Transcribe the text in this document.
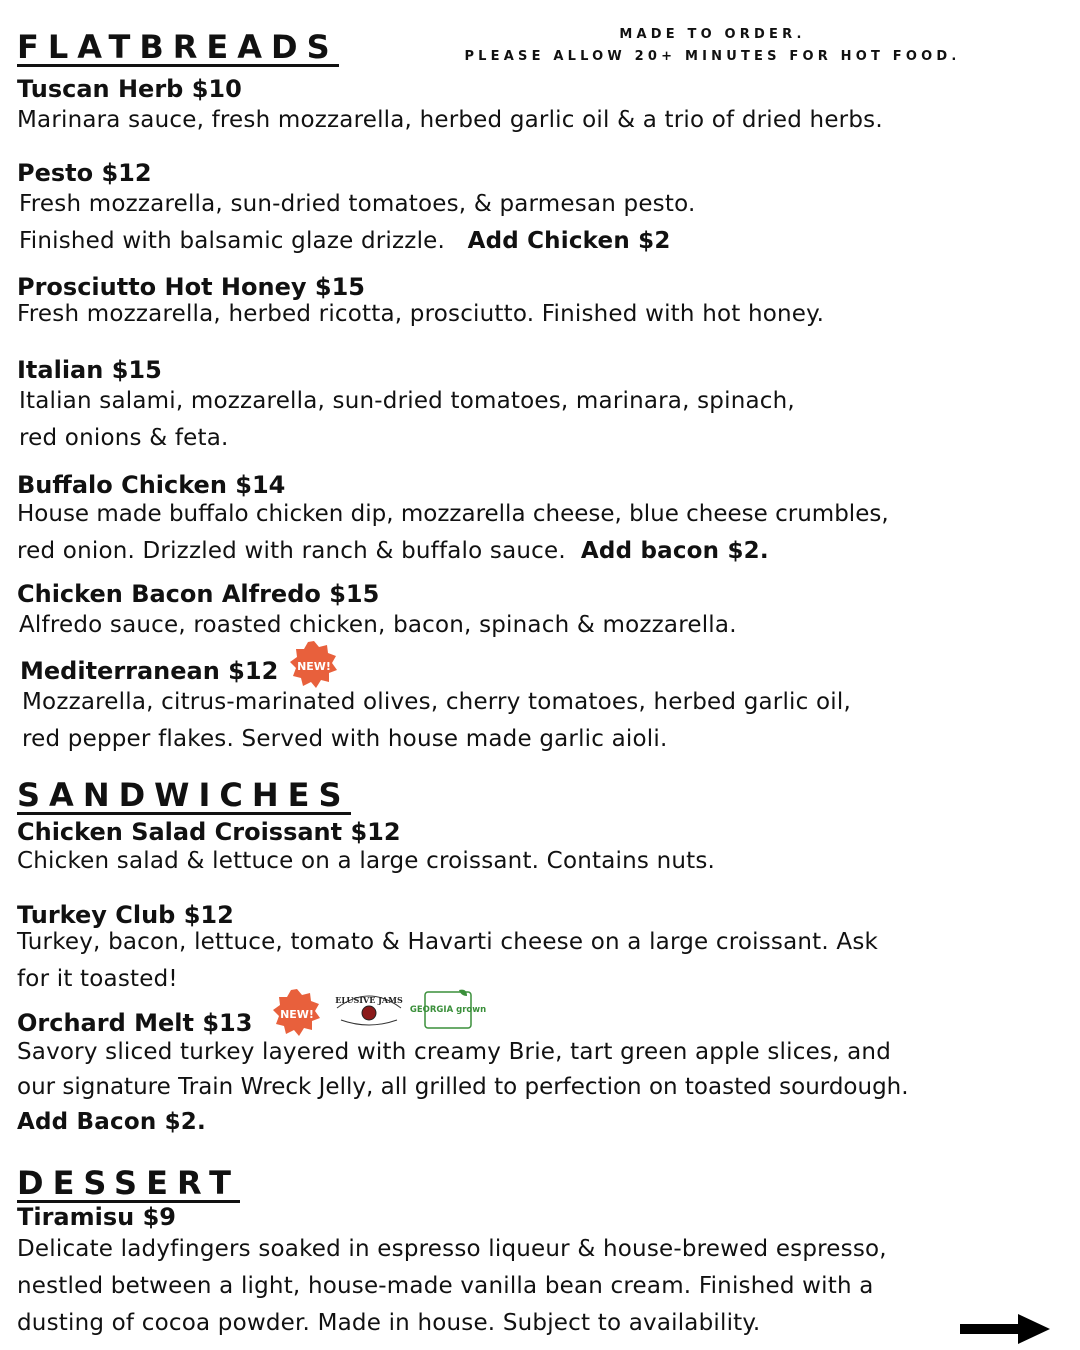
FLATBREADS	MADE TO ORDER.
PLEASE ALLOW 20+ MINUTES FOR HOT FOOD.
Tuscan Herb $10
Marinara sauce, fresh mozzarella, herbed garlic oil & a trio of dried herbs.
Pesto $12
Fresh mozzarella, sun-dried tomatoes, & parmesan pesto.
Finished with balsamic glaze drizzle. Add Chicken $2
Prosciutto Hot Honey $15
Fresh mozzarella, herbed ricotta, prosciutto. Finished with hot honey.
Italian $15
Italian salami, mozzarella, sun-dried tomatoes, marinara, spinach,
red onions & feta.
Buffalo Chicken $14
House made buffalo chicken dip, mozzarella cheese, blue cheese crumbles,
red onion. Drizzled with ranch & buffalo sauce. Add bacon $2.
Chicken Bacon Alfredo $15
Alfredo sauce, roasted chicken, bacon, spinach & mozzarella.
Mediterranean $12 NEW!
Mozzarella, citrus-marinated olives, cherry tomatoes, herbed garlic oil,
red pepper flakes. Served with house made garlic aioli.
SANDWICHES
Chicken Salad Croissant $12
Chicken salad & lettuce on a large croissant. Contains nuts.
Turkey Club $12
Turkey, bacon, lettuce, tomato & Havarti cheese on a large croissant. Ask
for it toasted!
Orchard Melt $13	NEW!
ELUSIVE JAMS
GEORGIA grown
Savory sliced turkey layered with creamy Brie, tart green apple slices, and
our signature Train Wreck Jelly, all grilled to perfection on toasted sourdough.
Add Bacon $2.
DESSERT
Tiramisu $9
Delicate ladyfingers soaked in espresso liqueur & house-brewed espresso,
nestled between a light, house-made vanilla bean cream. Finished with a
dusting of cocoa powder. Made in house. Subject to availability.
